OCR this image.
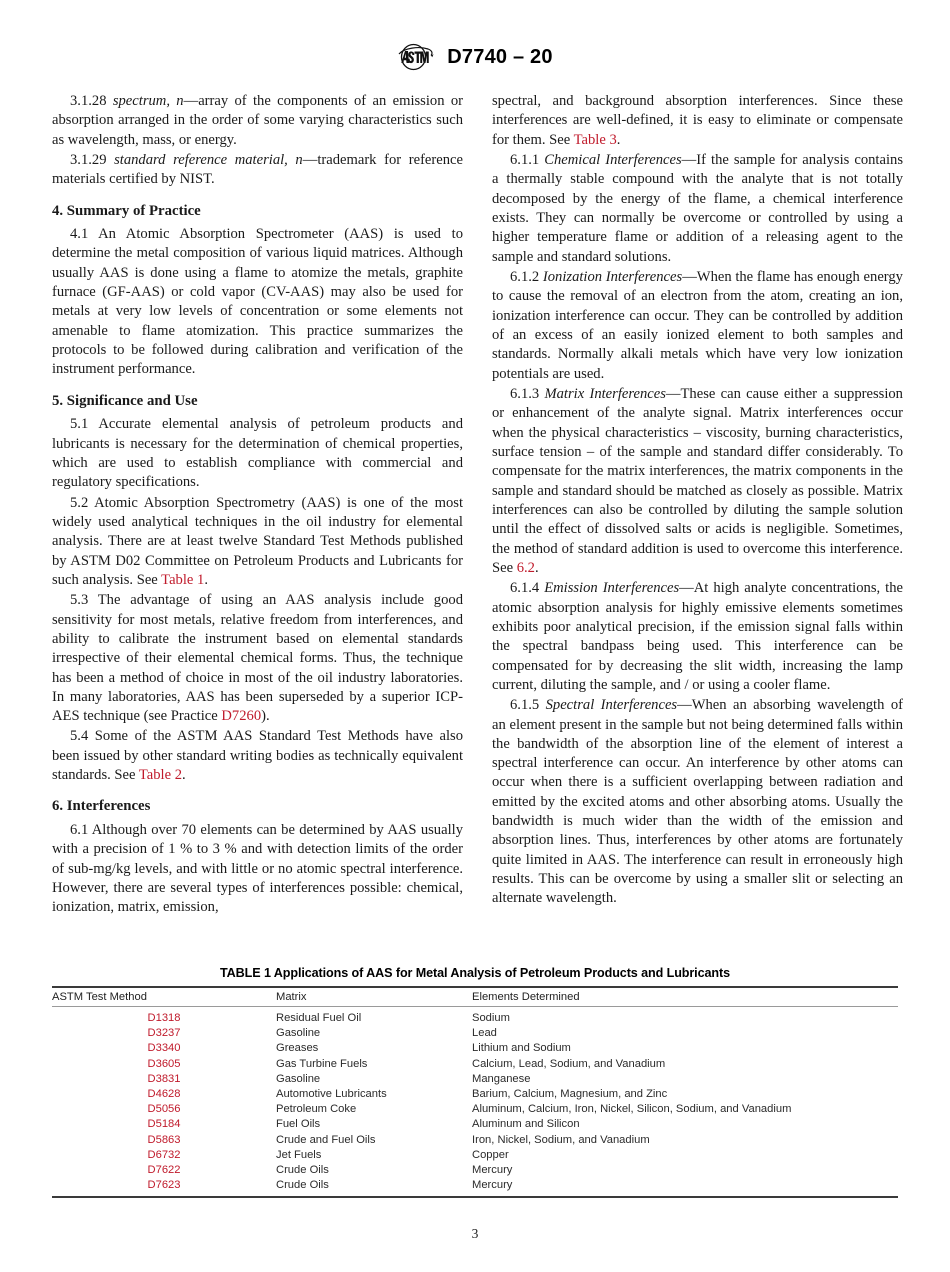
D7740 – 20

3.1.28 spectrum, n—array of the components of an emission or absorption arranged in the order of some varying characteristics such as wavelength, mass, or energy.

3.1.29 standard reference material, n—trademark for reference materials certified by NIST.

4. Summary of Practice

4.1 An Atomic Absorption Spectrometer (AAS) is used to determine the metal composition of various liquid matrices. Although usually AAS is done using a flame to atomize the metals, graphite furnace (GF-AAS) or cold vapor (CV-AAS) may also be used for metals at very low levels of concentration or some elements not amenable to flame atomization. This practice summarizes the protocols to be followed during calibration and verification of the instrument performance.

5. Significance and Use

5.1 Accurate elemental analysis of petroleum products and lubricants is necessary for the determination of chemical properties, which are used to establish compliance with commercial and regulatory specifications.

5.2 Atomic Absorption Spectrometry (AAS) is one of the most widely used analytical techniques in the oil industry for elemental analysis. There are at least twelve Standard Test Methods published by ASTM D02 Committee on Petroleum Products and Lubricants for such analysis. See Table 1.

5.3 The advantage of using an AAS analysis include good sensitivity for most metals, relative freedom from interferences, and ability to calibrate the instrument based on elemental standards irrespective of their elemental chemical forms. Thus, the technique has been a method of choice in most of the oil industry laboratories. In many laboratories, AAS has been superseded by a superior ICP-AES technique (see Practice D7260).

5.4 Some of the ASTM AAS Standard Test Methods have also been issued by other standard writing bodies as technically equivalent standards. See Table 2.

6. Interferences

6.1 Although over 70 elements can be determined by AAS usually with a precision of 1 % to 3 % and with detection limits of the order of sub-mg/kg levels, and with little or no atomic spectral interference. However, there are several types of interferences possible: chemical, ionization, matrix, emission,

spectral, and background absorption interferences. Since these interferences are well-defined, it is easy to eliminate or compensate for them. See Table 3.

6.1.1 Chemical Interferences—If the sample for analysis contains a thermally stable compound with the analyte that is not totally decomposed by the energy of the flame, a chemical interference exists. They can normally be overcome or controlled by using a higher temperature flame or addition of a releasing agent to the sample and standard solutions.

6.1.2 Ionization Interferences—When the flame has enough energy to cause the removal of an electron from the atom, creating an ion, ionization interference can occur. They can be controlled by addition of an excess of an easily ionized element to both samples and standards. Normally alkali metals which have very low ionization potentials are used.

6.1.3 Matrix Interferences—These can cause either a suppression or enhancement of the analyte signal. Matrix interferences occur when the physical characteristics – viscosity, burning characteristics, surface tension – of the sample and standard differ considerably. To compensate for the matrix interferences, the matrix components in the sample and standard should be matched as closely as possible. Matrix interferences can also be controlled by diluting the sample solution until the effect of dissolved salts or acids is negligible. Sometimes, the method of standard addition is used to overcome this interference. See 6.2.

6.1.4 Emission Interferences—At high analyte concentrations, the atomic absorption analysis for highly emissive elements sometimes exhibits poor analytical precision, if the emission signal falls within the spectral bandpass being used. This interference can be compensated for by decreasing the slit width, increasing the lamp current, diluting the sample, and / or using a cooler flame.

6.1.5 Spectral Interferences—When an absorbing wavelength of an element present in the sample but not being determined falls within the bandwidth of the absorption line of the element of interest a spectral interference can occur. An interference by other atoms can occur when there is a sufficient overlapping between radiation and emitted by the excited atoms and other absorbing atoms. Usually the bandwidth is much wider than the width of the emission and absorption lines. Thus, interferences by other atoms are fortunately quite limited in AAS. The interference can result in erroneously high results. This can be overcome by using a smaller slit or selecting an alternate wavelength.

TABLE 1 Applications of AAS for Metal Analysis of Petroleum Products and Lubricants
ASTM Test Method	Matrix	Elements Determined
D1318	Residual Fuel Oil	Sodium
D3237	Gasoline	Lead
D3340	Greases	Lithium and Sodium
D3605	Gas Turbine Fuels	Calcium, Lead, Sodium, and Vanadium
D3831	Gasoline	Manganese
D4628	Automotive Lubricants	Barium, Calcium, Magnesium, and Zinc
D5056	Petroleum Coke	Aluminum, Calcium, Iron, Nickel, Silicon, Sodium, and Vanadium
D5184	Fuel Oils	Aluminum and Silicon
D5863	Crude and Fuel Oils	Iron, Nickel, Sodium, and Vanadium
D6732	Jet Fuels	Copper
D7622	Crude Oils	Mercury
D7623	Crude Oils	Mercury

3
